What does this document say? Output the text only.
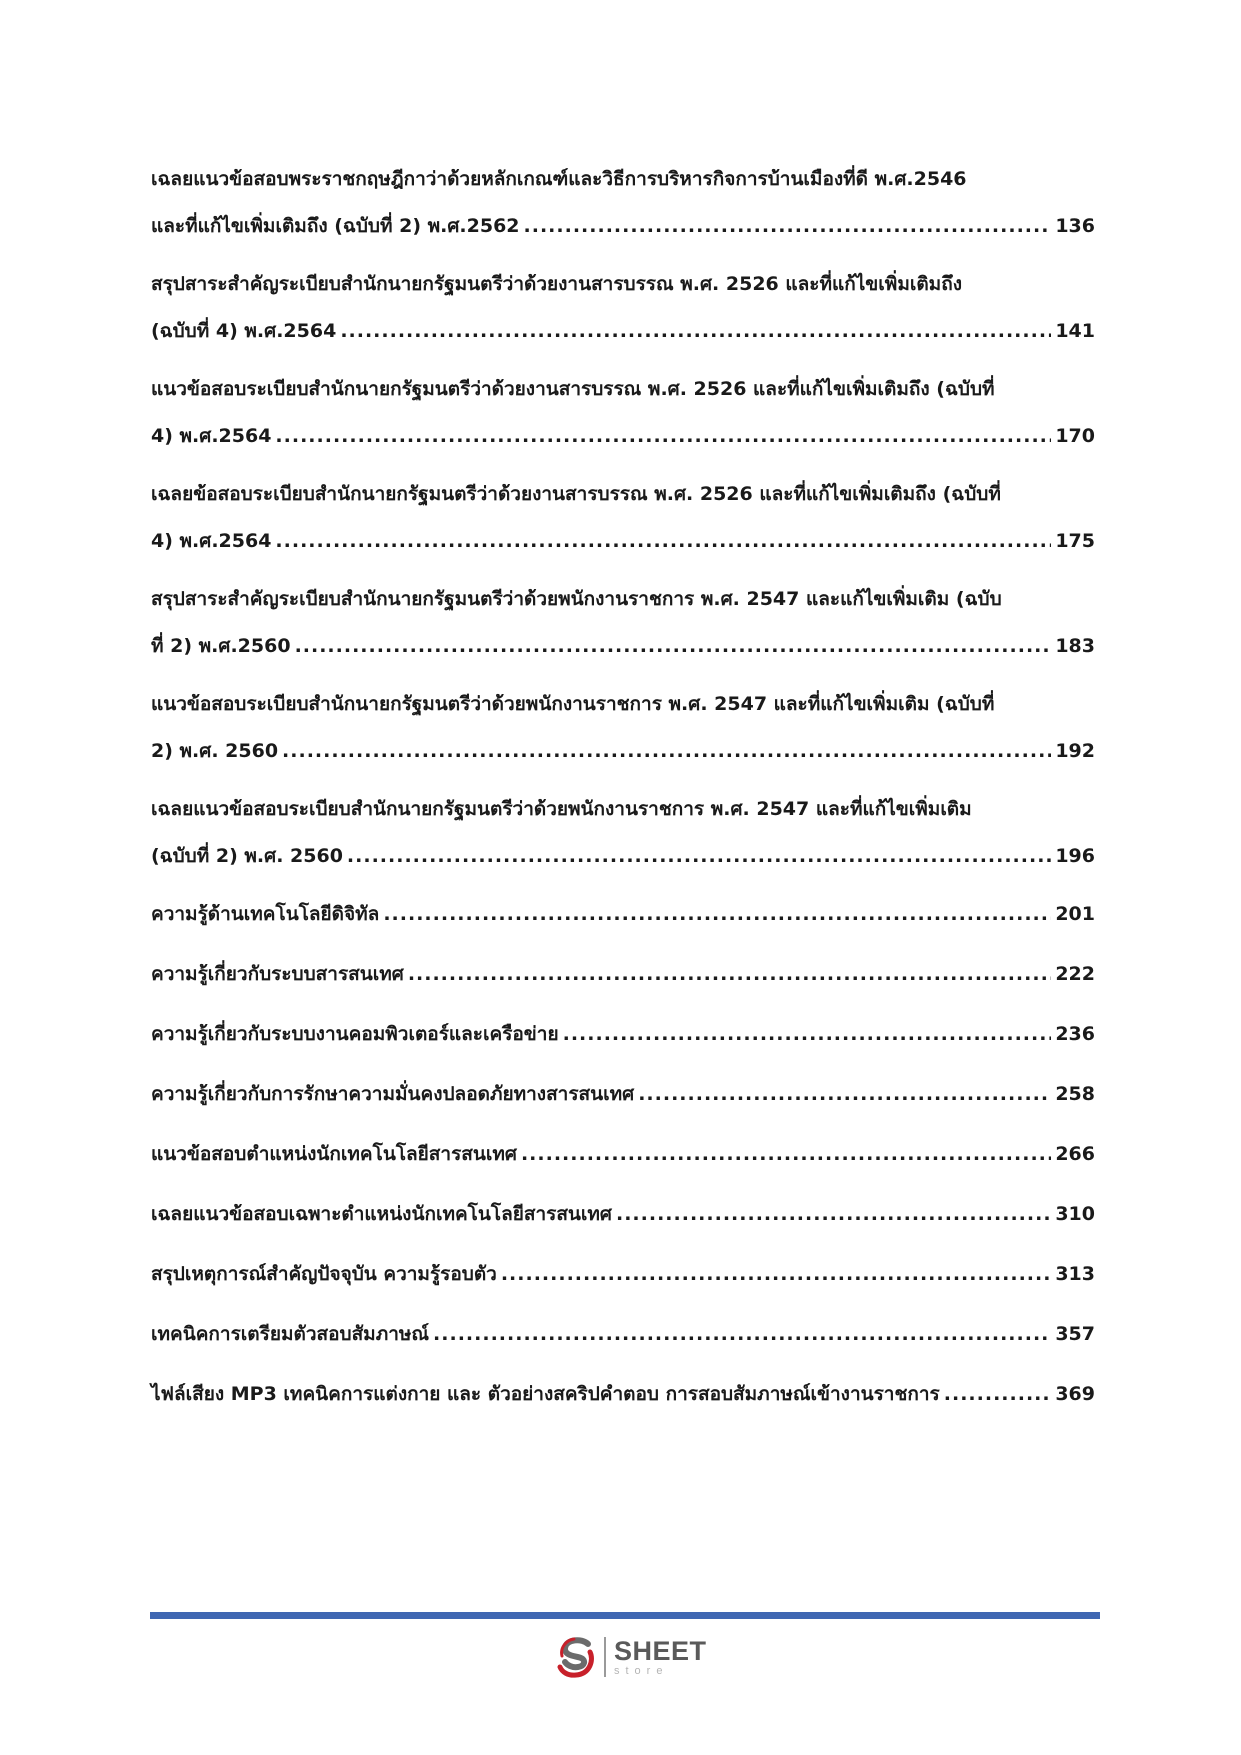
เฉลยแนวข้อสอบพระราชกฤษฎีกาว่าด้วยหลักเกณฑ์และวิธีการบริหารกิจการบ้านเมืองที่ดี พ.ศ.2546
และที่แก้ไขเพิ่มเติมถึง (ฉบับที่ 2) พ.ศ.2562 .....	136
สรุปสาระสำคัญระเบียบสำนักนายกรัฐมนตรีว่าด้วยงานสารบรรณ พ.ศ. 2526 และที่แก้ไขเพิ่มเติมถึง
(ฉบับที่ 4) พ.ศ.2564 .....	141
แนวข้อสอบระเบียบสำนักนายกรัฐมนตรีว่าด้วยงานสารบรรณ พ.ศ. 2526 และที่แก้ไขเพิ่มเติมถึง (ฉบับที่
4) พ.ศ.2564 .....	170
เฉลยข้อสอบระเบียบสำนักนายกรัฐมนตรีว่าด้วยงานสารบรรณ พ.ศ. 2526 และที่แก้ไขเพิ่มเติมถึง (ฉบับที่
4) พ.ศ.2564 .....	175
สรุปสาระสำคัญระเบียบสำนักนายกรัฐมนตรีว่าด้วยพนักงานราชการ พ.ศ. 2547 และแก้ไขเพิ่มเติม (ฉบับ
ที่ 2) พ.ศ.2560 .....	183
แนวข้อสอบระเบียบสำนักนายกรัฐมนตรีว่าด้วยพนักงานราชการ พ.ศ. 2547 และที่แก้ไขเพิ่มเติม (ฉบับที่
2) พ.ศ. 2560 .....	192
เฉลยแนวข้อสอบระเบียบสำนักนายกรัฐมนตรีว่าด้วยพนักงานราชการ พ.ศ. 2547 และที่แก้ไขเพิ่มเติม
(ฉบับที่ 2) พ.ศ. 2560 .....	196
ความรู้ด้านเทคโนโลยีดิจิทัล .....	201
ความรู้เกี่ยวกับระบบสารสนเทศ .....	222
ความรู้เกี่ยวกับระบบงานคอมพิวเตอร์และเครือข่าย .....	236
ความรู้เกี่ยวกับการรักษาความมั่นคงปลอดภัยทางสารสนเทศ .....	258
แนวข้อสอบตำแหน่งนักเทคโนโลยีสารสนเทศ .....	266
เฉลยแนวข้อสอบเฉพาะตำแหน่งนักเทคโนโลยีสารสนเทศ .....	310
สรุปเหตุการณ์สำคัญปัจจุบัน ความรู้รอบตัว .....	313
เทคนิคการเตรียมตัวสอบสัมภาษณ์ .....	357
ไฟล์เสียง MP3 เทคนิคการแต่งกาย และ ตัวอย่างสคริปคำตอบ การสอบสัมภาษณ์เข้างานราชการ .....	369
SHEET
store
